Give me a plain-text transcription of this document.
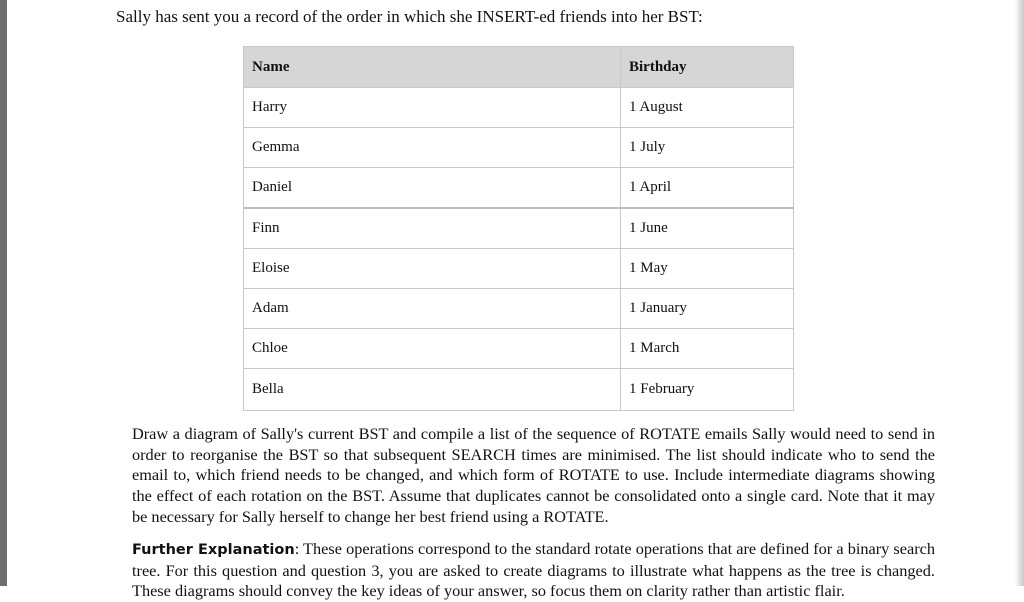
Sally has sent you a record of the order in which she INSERT-ed friends into her BST:
Name	Birthday
Harry	1 August
Gemma	1 July
Daniel	1 April
Finn	1 June
Eloise	1 May
Adam	1 January
Chloe	1 March
Bella	1 February
Draw a diagram of Sally's current BST and compile a list of the sequence of ROTATE emails Sally would need to send in order to reorganise the BST so that subsequent SEARCH times are minimised. The list should indicate who to send the email to, which friend needs to be changed, and which form of ROTATE to use. Include intermediate diagrams showing the effect of each rotation on the BST. Assume that duplicates cannot be consolidated onto a single card. Note that it may be necessary for Sally herself to change her best friend using a ROTATE.
Further Explanation: These operations correspond to the standard rotate operations that are defined for a binary search tree. For this question and question 3, you are asked to create diagrams to illustrate what happens as the tree is changed. These diagrams should convey the key ideas of your answer, so focus them on clarity rather than artistic flair.
